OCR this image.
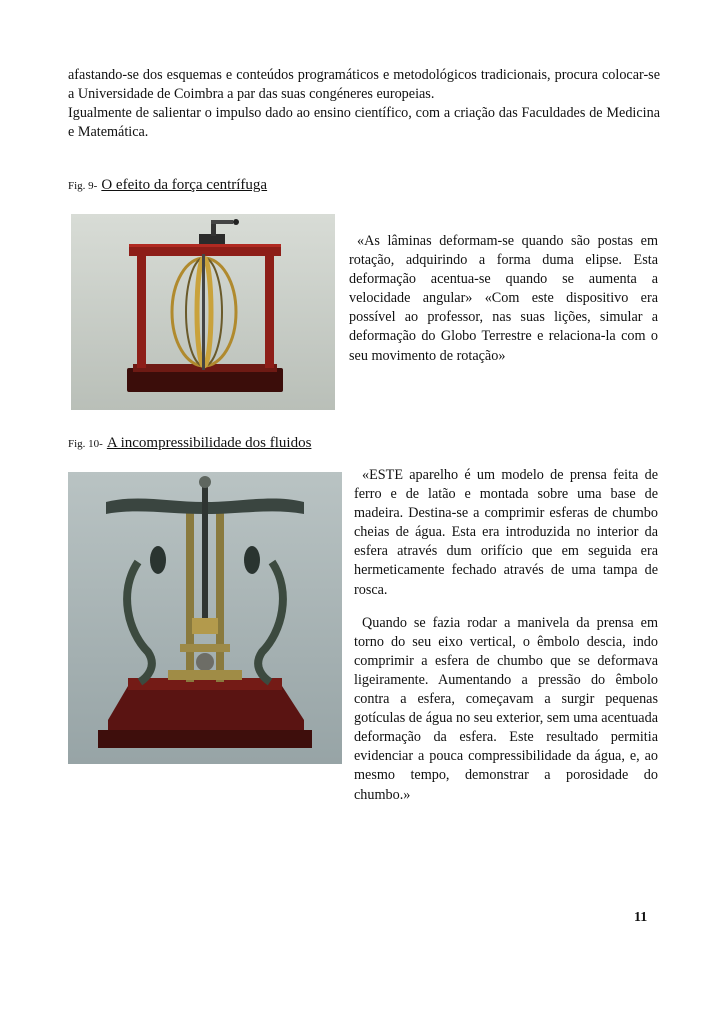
afastando-se dos esquemas e conteúdos programáticos e metodológicos tradicionais, procura colocar-se a Universidade de Coimbra a par das suas congéneres europeias.

Igualmente de salientar o impulso dado ao ensino científico, com a criação das Faculdades de Medicina e Matemática.

Fig. 9- O efeito da força centrífuga

«As lâminas deformam-se quando são postas em rotação, adquirindo a forma duma elipse. Esta deformação acentua-se quando se aumenta a velocidade angular» «Com este dispositivo era possível ao professor, nas suas lições, simular a deformação do Globo Terrestre e relaciona-la com o seu movimento de rotação»

Fig. 10- A incompressibilidade dos fluidos

«ESTE aparelho é um modelo de prensa feita de ferro e de latão e montada sobre uma base de madeira. Destina-se a comprimir esferas de chumbo cheias de água. Esta era introduzida no interior da esfera através dum orifício que em seguida era hermeticamente fechado através de uma tampa de rosca.

Quando se fazia rodar a manivela da prensa em torno do seu eixo vertical, o êmbolo descia, indo comprimir a esfera de chumbo que se deformava ligeiramente. Aumentando a pressão do êmbolo contra a esfera, começavam a surgir pequenas gotículas de água no seu exterior, sem uma acentuada deformação da esfera. Este resultado permitia evidenciar a pouca compressibilidade da água, e, ao mesmo tempo, demonstrar a porosidade do chumbo.»

11
